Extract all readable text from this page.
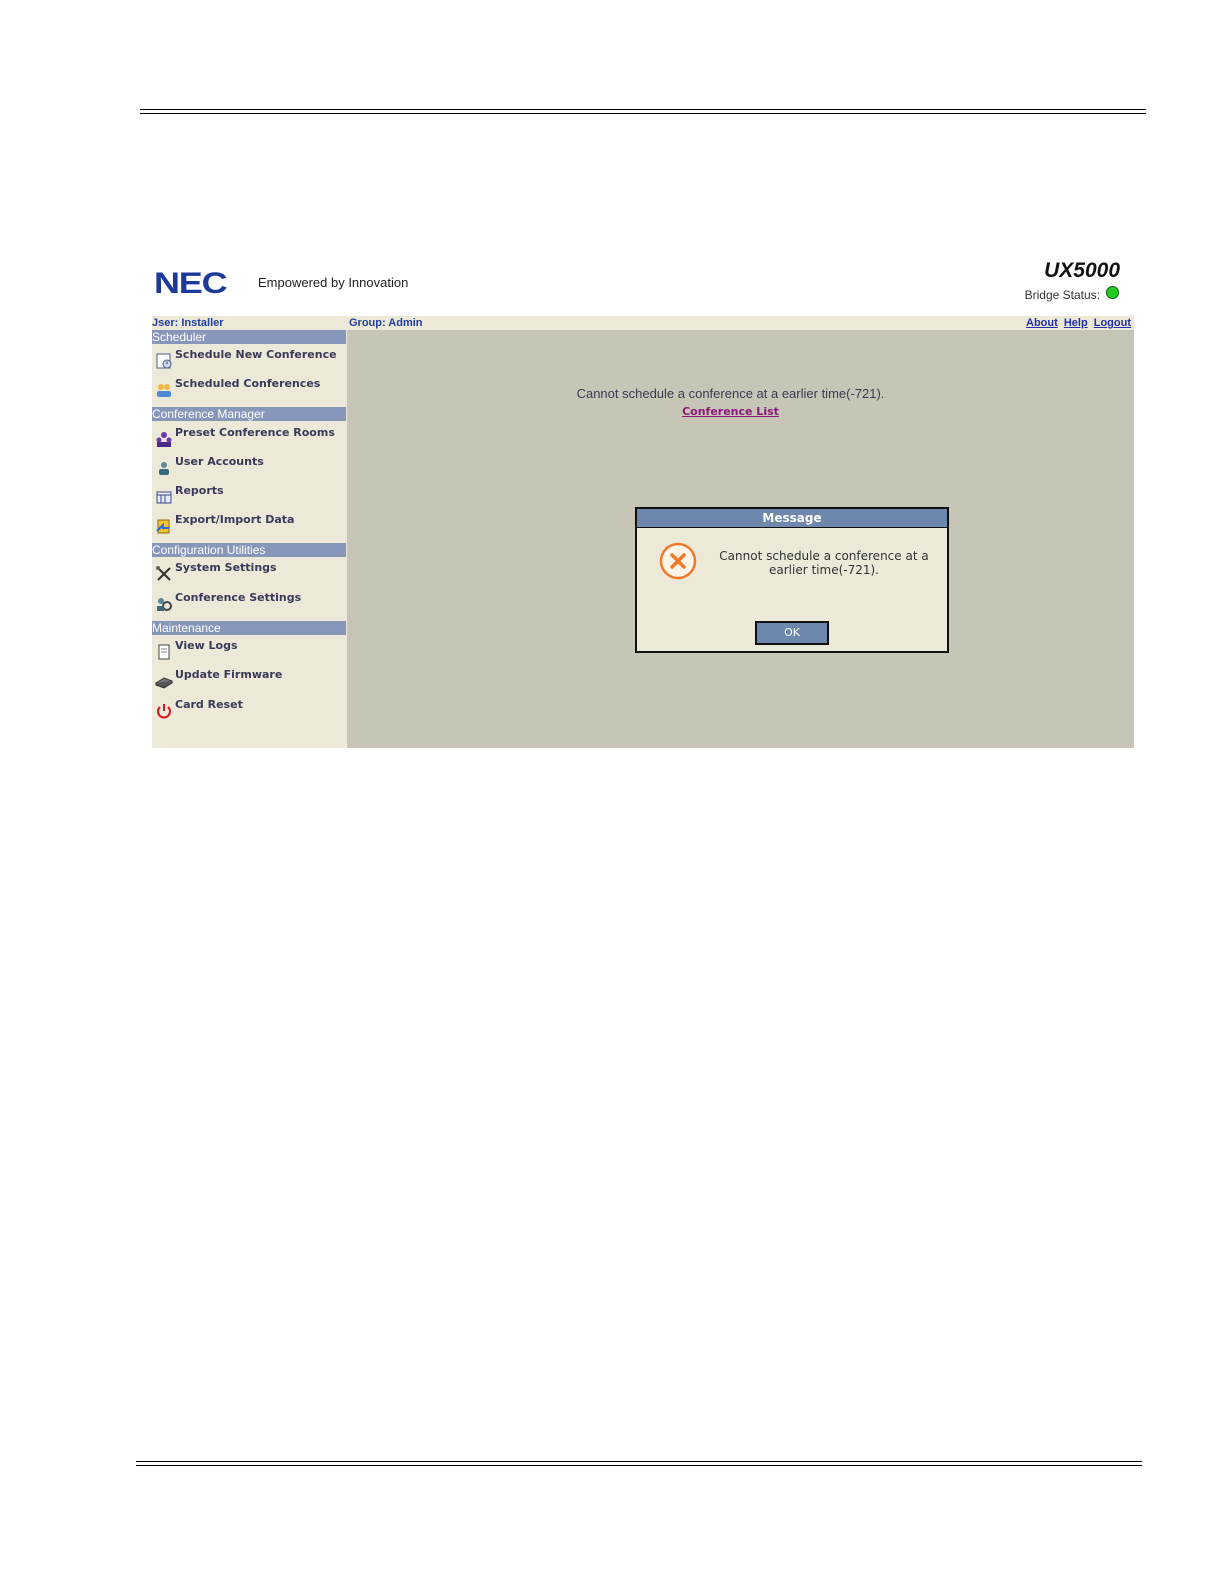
NEC Empowered by Innovation
UX5000
Bridge Status:
Jser: Installer	Group: Admin	About Help Logout
Scheduler
Schedule New Conference
Scheduled Conferences
Conference Manager
Preset Conference Rooms
User Accounts
Reports
Export/Import Data
Configuration Utilities
System Settings
Conference Settings
Maintenance
View Logs
Update Firmware
Card Reset
Cannot schedule a conference at a earlier time(-721).
Conference List
Message
Cannot schedule a conference at a
earlier time(-721).
OK
